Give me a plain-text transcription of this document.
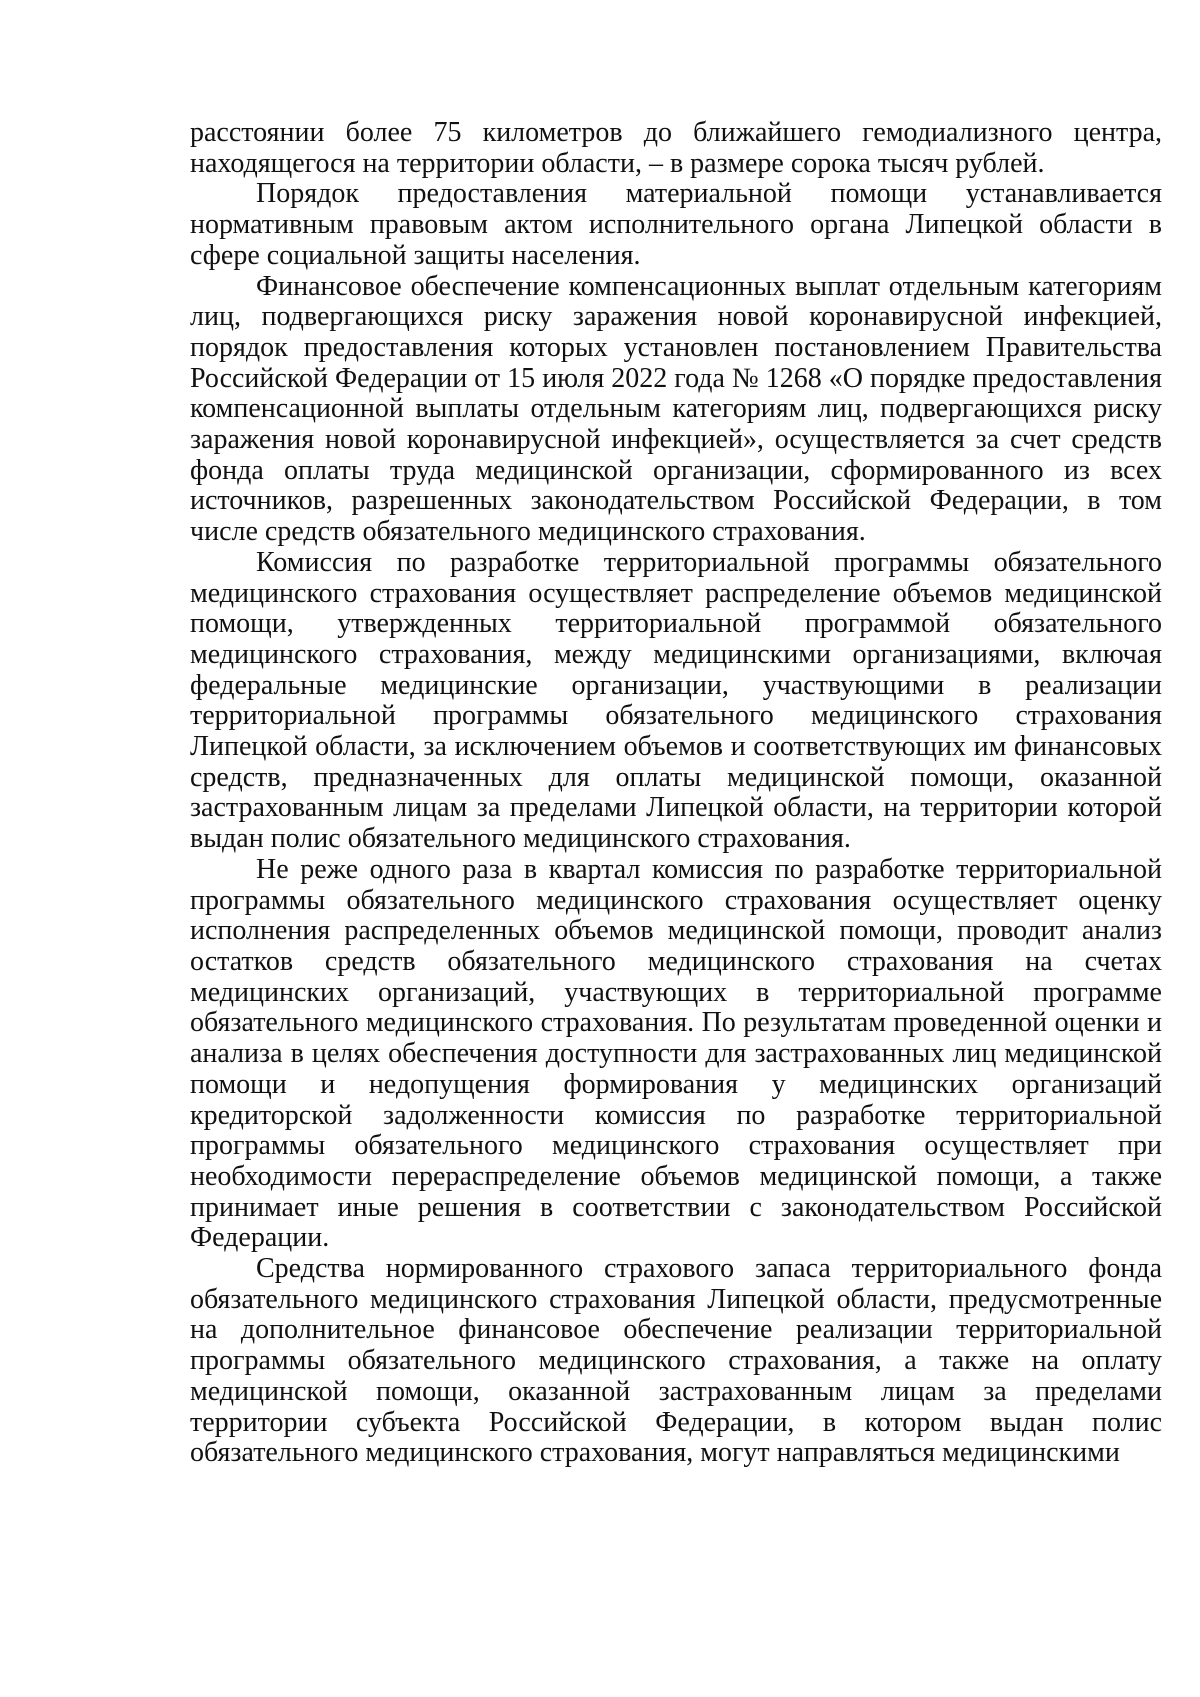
расстоянии более 75 километров до ближайшего гемодиализного центра, находящегося на территории области, – в размере сорока тысяч рублей.

Порядок предоставления материальной помощи устанавливается нормативным правовым актом исполнительного органа Липецкой области в сфере социальной защиты населения.

Финансовое обеспечение компенсационных выплат отдельным категориям лиц, подвергающихся риску заражения новой коронавирусной инфекцией, порядок предоставления которых установлен постановлением Правительства Российской Федерации от 15 июля 2022 года № 1268 «О порядке предоставления компенсационной выплаты отдельным категориям лиц, подвергающихся риску заражения новой коронавирусной инфекцией», осуществляется за счет средств фонда оплаты труда медицинской организации, сформированного из всех источников, разрешенных законодательством Российской Федерации, в том числе средств обязательного медицинского страхования.

Комиссия по разработке территориальной программы обязательного медицинского страхования осуществляет распределение объемов медицинской помощи, утвержденных территориальной программой обязательного медицинского страхования, между медицинскими организациями, включая федеральные медицинские организации, участвующими в реализации территориальной программы обязательного медицинского страхования Липецкой области, за исключением объемов и соответствующих им финансовых средств, предназначенных для оплаты медицинской помощи, оказанной застрахованным лицам за пределами Липецкой области, на территории которой выдан полис обязательного медицинского страхования.

Не реже одного раза в квартал комиссия по разработке территориальной программы обязательного медицинского страхования осуществляет оценку исполнения распределенных объемов медицинской помощи, проводит анализ остатков средств обязательного медицинского страхования на счетах медицинских организаций, участвующих в территориальной программе обязательного медицинского страхования. По результатам проведенной оценки и анализа в целях обеспечения доступности для застрахованных лиц медицинской помощи и недопущения формирования у медицинских организаций кредиторской задолженности комиссия по разработке территориальной программы обязательного медицинского страхования осуществляет при необходимости перераспределение объемов медицинской помощи, а также принимает иные решения в соответствии с законодательством Российской Федерации.

Средства нормированного страхового запаса территориального фонда обязательного медицинского страхования Липецкой области, предусмотренные на дополнительное финансовое обеспечение реализации территориальной программы обязательного медицинского страхования, а также на оплату медицинской помощи, оказанной застрахованным лицам за пределами территории субъекта Российской Федерации, в котором выдан полис обязательного медицинского страхования, могут направляться медицинскими
